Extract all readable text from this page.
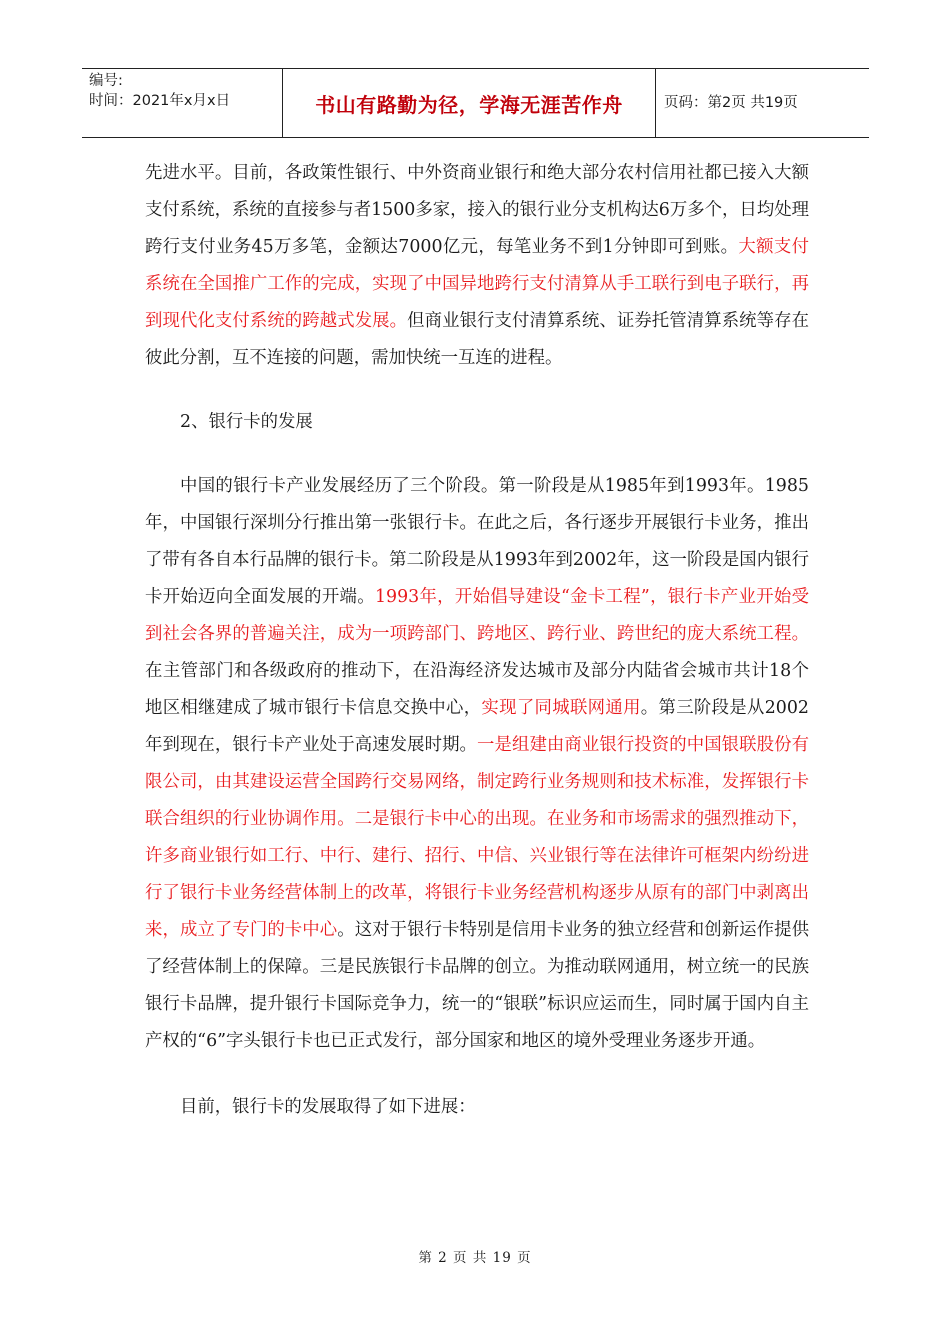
编号:
时间：2021年x月x日	书山有路勤为径，学海无涯苦作舟	页码：第2页 共19页

先进水平。目前，各政策性银行、中外资商业银行和绝大部分农村信用社都已接入大额支付系统，系统的直接参与者1500多家，接入的银行业分支机构达6万多个，日均处理跨行支付业务45万多笔，金额达7000亿元，每笔业务不到1分钟即可到账。大额支付系统在全国推广工作的完成，实现了中国异地跨行支付清算从手工联行到电子联行，再到现代化支付系统的跨越式发展。但商业银行支付清算系统、证券托管清算系统等存在彼此分割，互不连接的问题，需加快统一互连的进程。

2、银行卡的发展

中国的银行卡产业发展经历了三个阶段。第一阶段是从1985年到1993年。1985年，中国银行深圳分行推出第一张银行卡。在此之后，各行逐步开展银行卡业务，推出了带有各自本行品牌的银行卡。第二阶段是从1993年到2002年，这一阶段是国内银行卡开始迈向全面发展的开端。1993年，开始倡导建设“金卡工程”，银行卡产业开始受到社会各界的普遍关注，成为一项跨部门、跨地区、跨行业、跨世纪的庞大系统工程。在主管部门和各级政府的推动下，在沿海经济发达城市及部分内陆省会城市共计18个地区相继建成了城市银行卡信息交换中心，实现了同城联网通用。第三阶段是从2002年到现在，银行卡产业处于高速发展时期。一是组建由商业银行投资的中国银联股份有限公司，由其建设运营全国跨行交易网络，制定跨行业务规则和技术标准，发挥银行卡联合组织的行业协调作用。二是银行卡中心的出现。在业务和市场需求的强烈推动下，许多商业银行如工行、中行、建行、招行、中信、兴业银行等在法律许可框架内纷纷进行了银行卡业务经营体制上的改革，将银行卡业务经营机构逐步从原有的部门中剥离出来，成立了专门的卡中心。这对于银行卡特别是信用卡业务的独立经营和创新运作提供了经营体制上的保障。三是民族银行卡品牌的创立。为推动联网通用，树立统一的民族银行卡品牌，提升银行卡国际竞争力，统一的“银联”标识应运而生，同时属于国内自主产权的“6”字头银行卡也已正式发行，部分国家和地区的境外受理业务逐步开通。

目前，银行卡的发展取得了如下进展：

第 2 页 共 19 页
